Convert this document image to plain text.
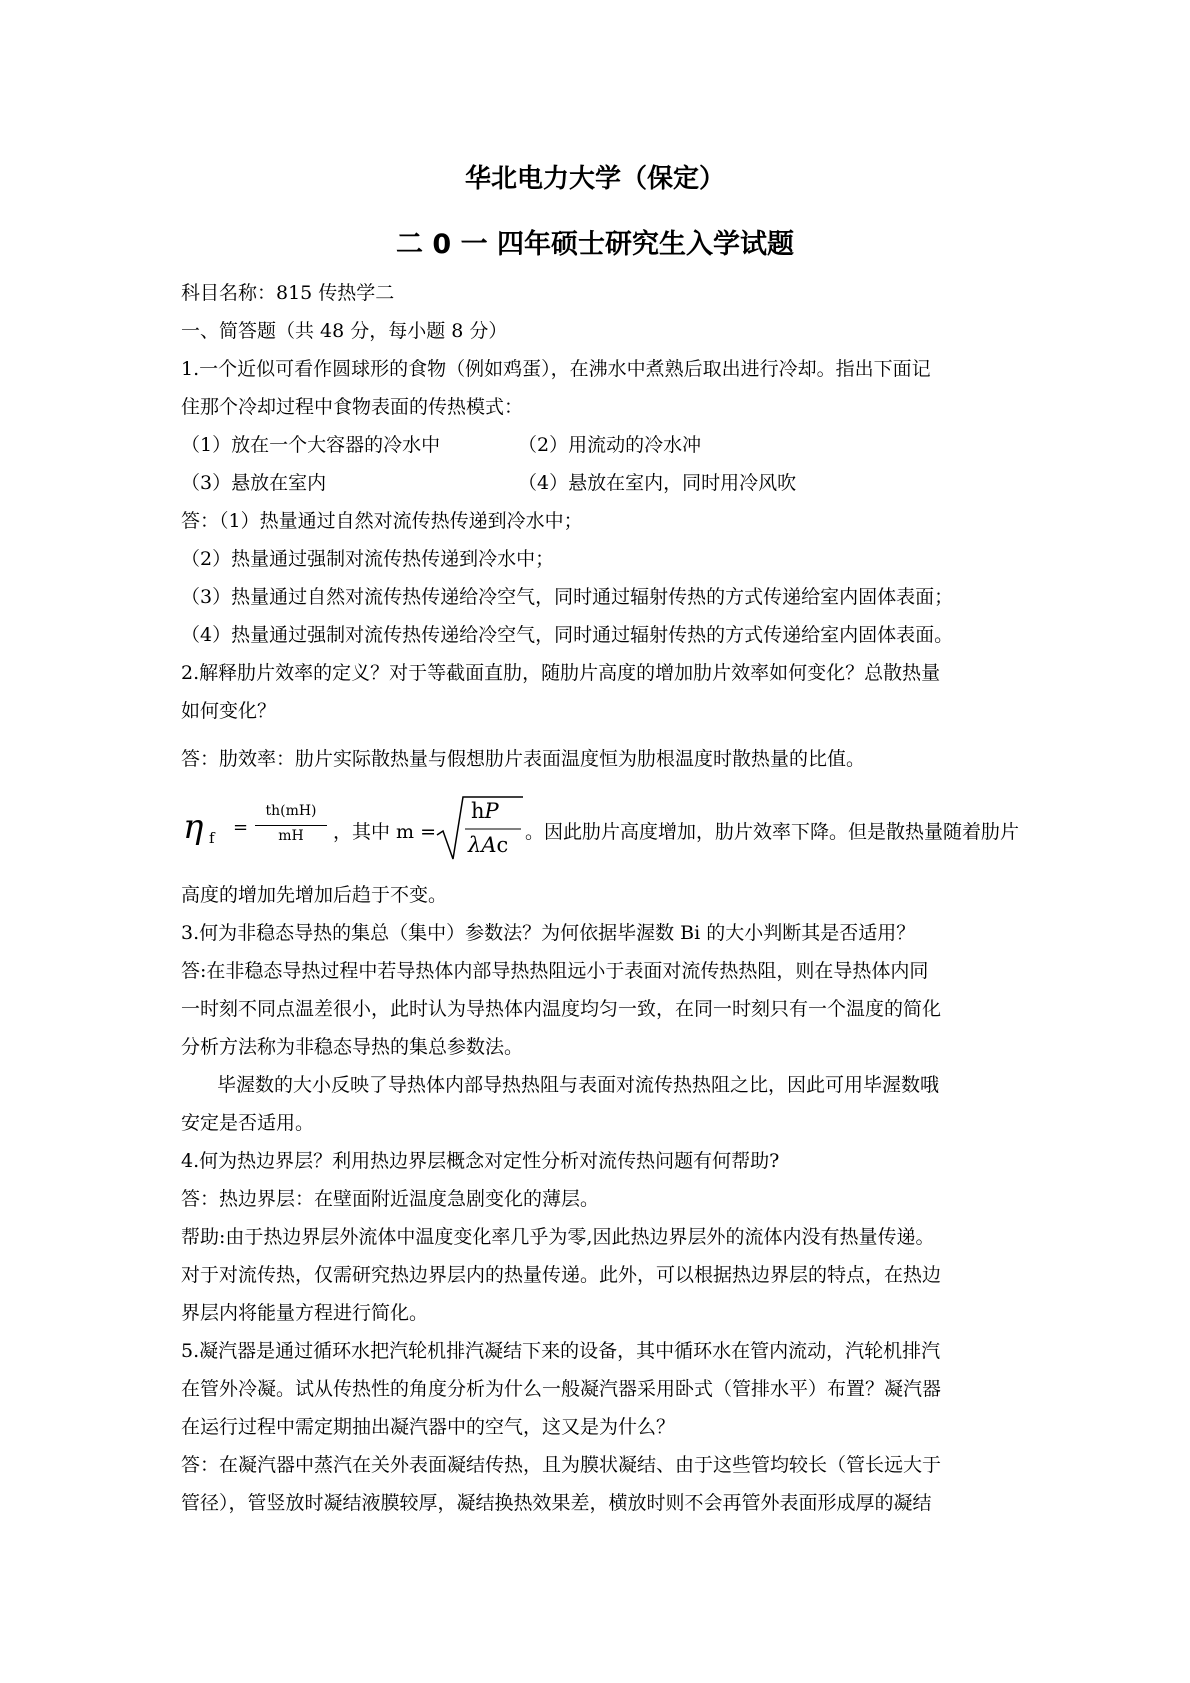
华北电力大学（保定）
二 0 一 四年硕士研究生入学试题
科目名称：815 传热学二
一、简答题（共 48 分，每小题 8 分）
1.一个近似可看作圆球形的食物（例如鸡蛋），在沸水中煮熟后取出进行冷却。指出下面记
住那个冷却过程中食物表面的传热模式：
（1）放在一个大容器的冷水中	（2）用流动的冷水冲
（3）悬放在室内	（4）悬放在室内，同时用冷风吹
答：（1）热量通过自然对流传热传递到冷水中；
（2）热量通过强制对流传热传递到冷水中；
（3）热量通过自然对流传热传递给冷空气，同时通过辐射传热的方式传递给室内固体表面；
（4）热量通过强制对流传热传递给冷空气，同时通过辐射传热的方式传递给室内固体表面。
2.解释肋片效率的定义？对于等截面直肋，随肋片高度的增加肋片效率如何变化？总散热量
如何变化？
答：肋效率：肋片实际散热量与假想肋片表面温度恒为肋根温度时散热量的比值。
η f =
th(mH)
mH	，其中 m =
hP
λAc
。因此肋片高度增加，肋片效率下降。但是散热量随着肋片
高度的增加先增加后趋于不变。
3.何为非稳态导热的集总（集中）参数法？为何依据毕渥数 Bi 的大小判断其是否适用？
答:在非稳态导热过程中若导热体内部导热热阻远小于表面对流传热热阻，则在导热体内同
一时刻不同点温差很小，此时认为导热体内温度均匀一致，在同一时刻只有一个温度的简化
分析方法称为非稳态导热的集总参数法。
毕渥数的大小反映了导热体内部导热热阻与表面对流传热热阻之比，因此可用毕渥数哦
安定是否适用。
4.何为热边界层？利用热边界层概念对定性分析对流传热问题有何帮助?
答：热边界层：在壁面附近温度急剧变化的薄层。
帮助:由于热边界层外流体中温度变化率几乎为零,因此热边界层外的流体内没有热量传递。
对于对流传热，仅需研究热边界层内的热量传递。此外，可以根据热边界层的特点，在热边
界层内将能量方程进行简化。
5.凝汽器是通过循环水把汽轮机排汽凝结下来的设备，其中循环水在管内流动，汽轮机排汽
在管外冷凝。试从传热性的角度分析为什么一般凝汽器采用卧式（管排水平）布置？凝汽器
在运行过程中需定期抽出凝汽器中的空气，这又是为什么？
答：在凝汽器中蒸汽在关外表面凝结传热，且为膜状凝结、由于这些管均较长（管长远大于
管径），管竖放时凝结液膜较厚，凝结换热效果差，横放时则不会再管外表面形成厚的凝结
